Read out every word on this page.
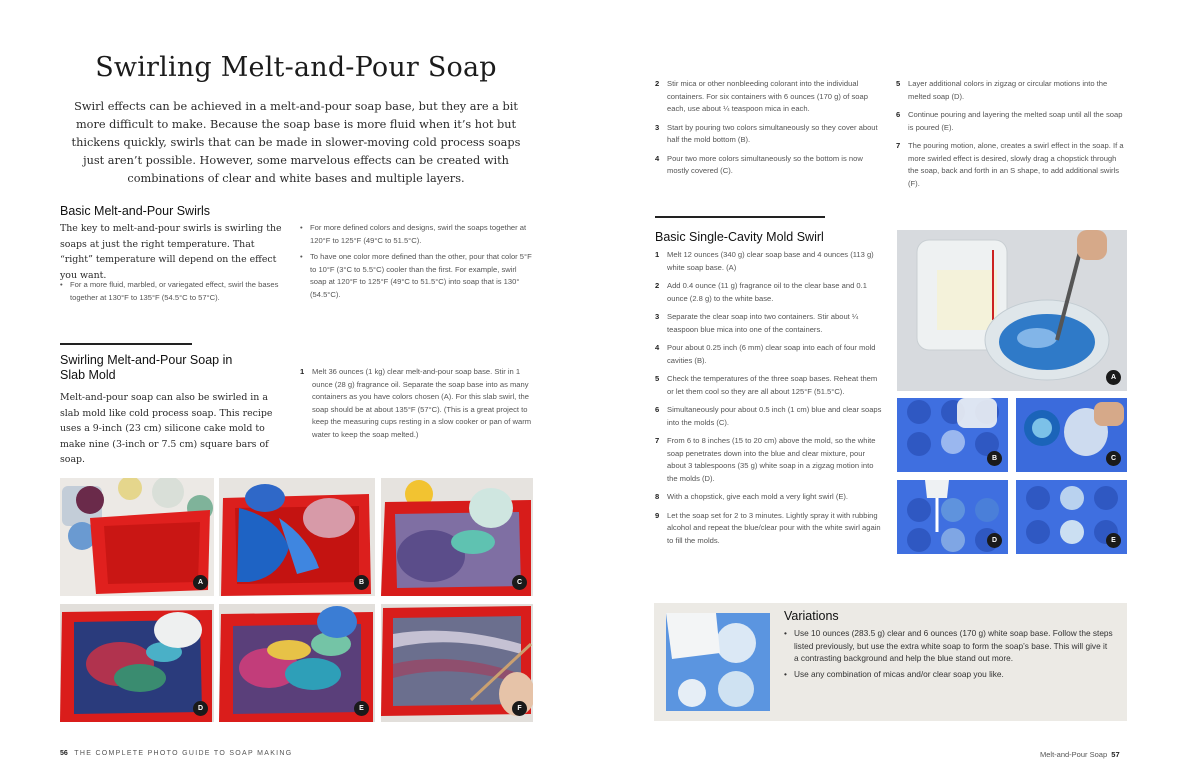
Swirling Melt-and-Pour Soap

Swirl effects can be achieved in a melt-and-pour soap base, but they are a bit more difficult to make. Because the soap base is more fluid when it’s hot but thickens quickly, swirls that can be made in slower-moving cold process soaps just aren’t possible. However, some marvelous effects can be created with combinations of clear and white bases and multiple layers.

Basic Melt-and-Pour Swirls

The key to melt-and-pour swirls is swirling the soaps at just the right temperature. That “right” temperature will depend on the effect you want.

• For a more fluid, marbled, or variegated effect, swirl the bases together at 130°F to 135°F (54.5°C to 57°C).
• For more defined colors and designs, swirl the soaps together at 120°F to 125°F (49°C to 51.5°C).
• To have one color more defined than the other, pour that color 5°F to 10°F (3°C to 5.5°C) cooler than the first. For example, swirl soap at 120°F to 125°F (49°C to 51.5°C) into soap that is 130° (54.5°C).
Swirling Melt-and-Pour Soap in Slab Mold

Melt-and-pour soap can also be swirled in a slab mold like cold process soap. This recipe uses a 9-inch (23 cm) silicone cake mold to make nine (3-inch or 7.5 cm) square bars of soap.

1 Melt 36 ounces (1 kg) clear melt-and-pour soap base. Stir in 1 ounce (28 g) fragrance oil. Separate the soap base into as many containers as you have colors chosen (A). For this slab swirl, the soap should be at about 135°F (57°C). (This is a great project to keep the measuring cups resting in a slow cooker or pan of warm water to keep the soap melted.)
A	B	C
D	E	F
56 THE COMPLETE PHOTO GUIDE TO SOAP MAKING
2 Stir mica or other nonbleeding colorant into the individual containers. For six containers with 6 ounces (170 g) of soap each, use about ¼ teaspoon mica in each.
3 Start by pouring two colors simultaneously so they cover about half the mold bottom (B).
4 Pour two more colors simultaneously so the bottom is now mostly covered (C).
5 Layer additional colors in zigzag or circular motions into the melted soap (D).
6 Continue pouring and layering the melted soap until all the soap is poured (E).
7 The pouring motion, alone, creates a swirl effect in the soap. If a more swirled effect is desired, slowly drag a chopstick through the soap, back and forth in an S shape, to add additional swirls (F).
Basic Single-Cavity Mold Swirl
1 Melt 12 ounces (340 g) clear soap base and 4 ounces (113 g) white soap base. (A)
2 Add 0.4 ounce (11 g) fragrance oil to the clear base and 0.1 ounce (2.8 g) to the white base.
3 Separate the clear soap into two containers. Stir about ¼ teaspoon blue mica into one of the containers.
4 Pour about 0.25 inch (6 mm) clear soap into each of four mold cavities (B).
5 Check the temperatures of the three soap bases. Reheat them or let them cool so they are all about 125°F (51.5°C).
6 Simultaneously pour about 0.5 inch (1 cm) blue and clear soaps into the molds (C).
7 From 6 to 8 inches (15 to 20 cm) above the mold, so the white soap penetrates down into the blue and clear mixture, pour about 3 tablespoons (35 g) white soap in a zigzag motion into the molds (D).
8 With a chopstick, give each mold a very light swirl (E).
9 Let the soap set for 2 to 3 minutes. Lightly spray it with rubbing alcohol and repeat the blue/clear pour with the white swirl again to fill the molds.
A
B	C
D	E
Variations
• Use 10 ounces (283.5 g) clear and 6 ounces (170 g) white soap base. Follow the steps listed previously, but use the extra white soap to form the soap’s base. This will give it a contrasting background and help the blue stand out more.
• Use any combination of micas and/or clear soap you like.
Melt-and-Pour Soap 57
